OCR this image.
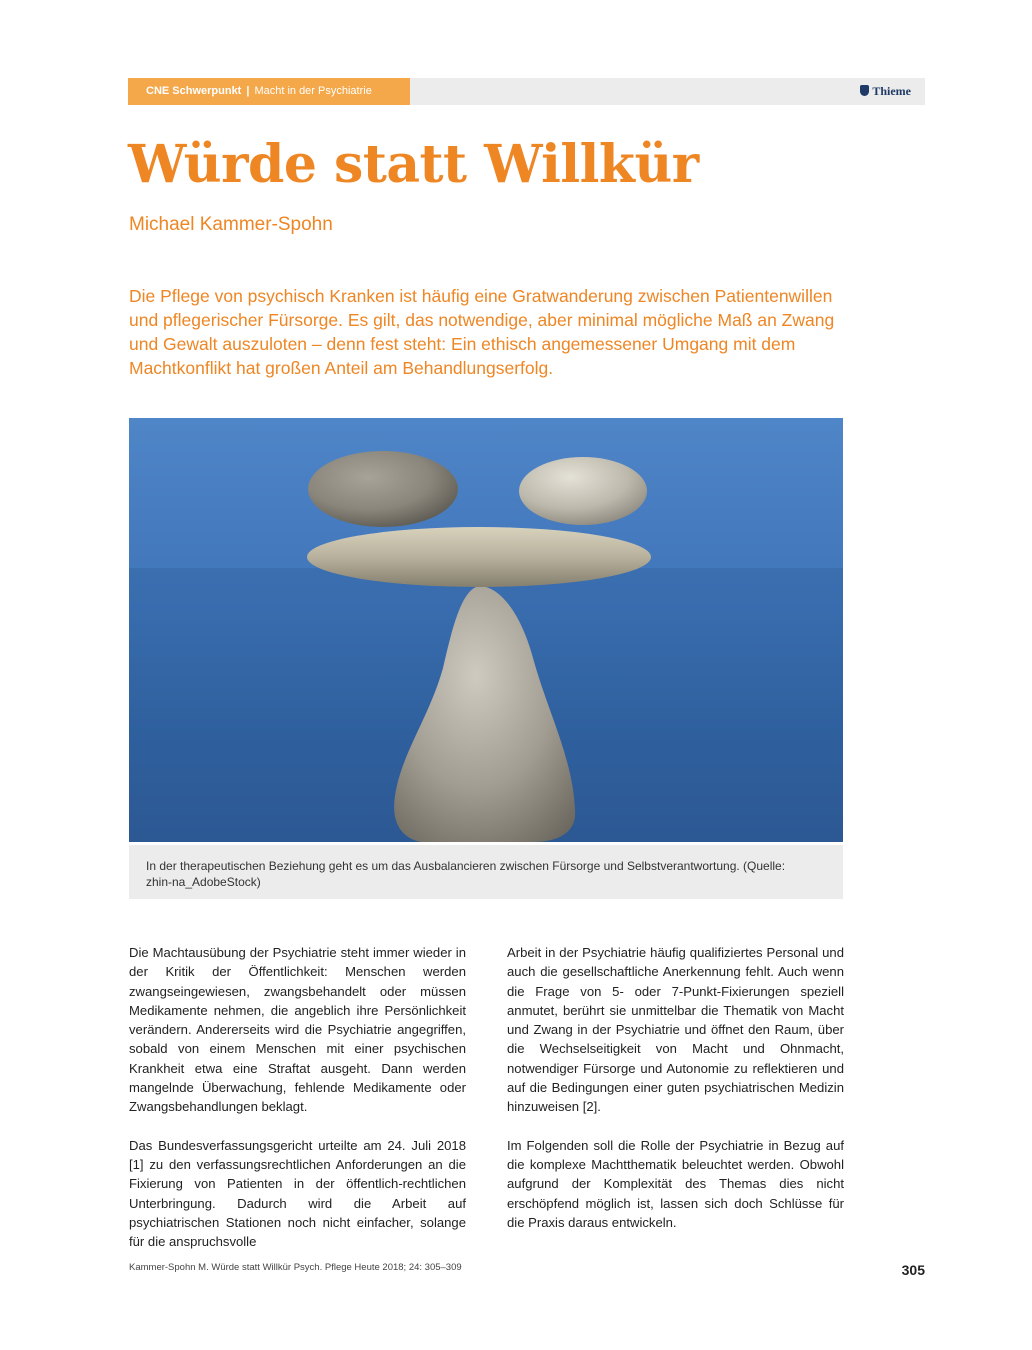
CNE Schwerpunkt | Macht in der Psychiatrie	Thieme
Würde statt Willkür
Michael Kammer-Spohn

Die Pflege von psychisch Kranken ist häufig eine Gratwanderung zwischen Patientenwillen und pflegerischer Fürsorge. Es gilt, das notwendige, aber minimal mögliche Maß an Zwang und Gewalt auszuloten – denn fest steht: Ein ethisch angemessener Umgang mit dem Machtkonflikt hat großen Anteil am Behandlungserfolg.

In der therapeutischen Beziehung geht es um das Ausbalancieren zwischen Fürsorge und Selbstverantwortung. (Quelle: zhin-na_AdobeStock)

Die Machtausübung der Psychiatrie steht immer wieder in der Kritik der Öffentlichkeit: Menschen werden zwangseingewiesen, zwangsbehandelt oder müssen Medikamente nehmen, die angeblich ihre Persönlichkeit verändern. Andererseits wird die Psychiatrie angegriffen, sobald von einem Menschen mit einer psychischen Krankheit etwa eine Straftat ausgeht. Dann werden mangelnde Überwachung, fehlende Medikamente oder Zwangsbehandlungen beklagt.

Das Bundesverfassungsgericht urteilte am 24. Juli 2018 [1] zu den verfassungsrechtlichen Anforderungen an die Fixierung von Patienten in der öffentlich-rechtlichen Unterbringung. Dadurch wird die Arbeit auf psychiatrischen Stationen noch nicht einfacher, solange für die anspruchsvolle

Arbeit in der Psychiatrie häufig qualifiziertes Personal und auch die gesellschaftliche Anerkennung fehlt. Auch wenn die Frage von 5- oder 7-Punkt-Fixierungen speziell anmutet, berührt sie unmittelbar die Thematik von Macht und Zwang in der Psychiatrie und öffnet den Raum, über die Wechselseitigkeit von Macht und Ohnmacht, notwendiger Fürsorge und Autonomie zu reflektieren und auf die Bedingungen einer guten psychiatrischen Medizin hinzuweisen [2].

Im Folgenden soll die Rolle der Psychiatrie in Bezug auf die komplexe Machtthematik beleuchtet werden. Obwohl aufgrund der Komplexität des Themas dies nicht erschöpfend möglich ist, lassen sich doch Schlüsse für die Praxis daraus entwickeln.

Kammer-Spohn M. Würde statt Willkür Psych. Pflege Heute 2018; 24: 305–309	305
